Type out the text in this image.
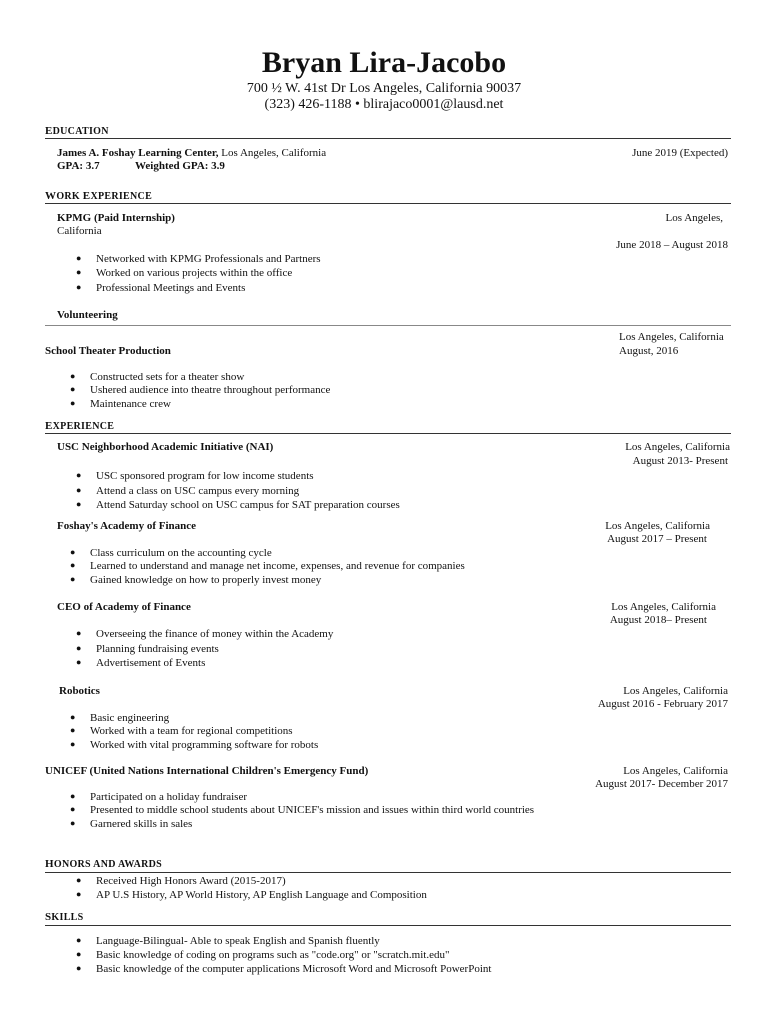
Bryan Lira-Jacobo
700 ½ W. 41st Dr Los Angeles, California 90037
(323) 426-1188 • blirajaco0001@lausd.net
EDUCATION
James A. Foshay Learning Center, Los Angeles, California	June 2019 (Expected)
GPA: 3.7	Weighted GPA: 3.9
WORK EXPERIENCE
KPMG (Paid Internship)	Los Angeles,
California
June 2018 – August 2018
● Networked with KPMG Professionals and Partners
● Worked on various projects within the office
● Professional Meetings and Events
Volunteering
Los Angeles, California
School Theater Production	August, 2016
● Constructed sets for a theater show
● Ushered audience into theatre throughout performance
● Maintenance crew
EXPERIENCE
USC Neighborhood Academic Initiative (NAI)	Los Angeles, California
August 2013- Present
● USC sponsored program for low income students
● Attend a class on USC campus every morning
● Attend Saturday school on USC campus for SAT preparation courses
Foshay's Academy of Finance	Los Angeles, California
August 2017 – Present
● Class curriculum on the accounting cycle
● Learned to understand and manage net income, expenses, and revenue for companies
● Gained knowledge on how to properly invest money
CEO of Academy of Finance	Los Angeles, California
August 2018– Present
● Overseeing the finance of money within the Academy
● Planning fundraising events
● Advertisement of Events
Robotics	Los Angeles, California
August 2016 - February 2017
● Basic engineering
● Worked with a team for regional competitions
● Worked with vital programming software for robots
UNICEF (United Nations International Children's Emergency Fund)	Los Angeles, California
August 2017- December 2017
● Participated on a holiday fundraiser
● Presented to middle school students about UNICEF's mission and issues within third world countries
● Garnered skills in sales
HONORS AND AWARDS
● Received High Honors Award (2015-2017)
● AP U.S History, AP World History, AP English Language and Composition
SKILLS
● Language-Bilingual- Able to speak English and Spanish fluently
● Basic knowledge of coding on programs such as "code.org" or "scratch.mit.edu"
● Basic knowledge of the computer applications Microsoft Word and Microsoft PowerPoint
